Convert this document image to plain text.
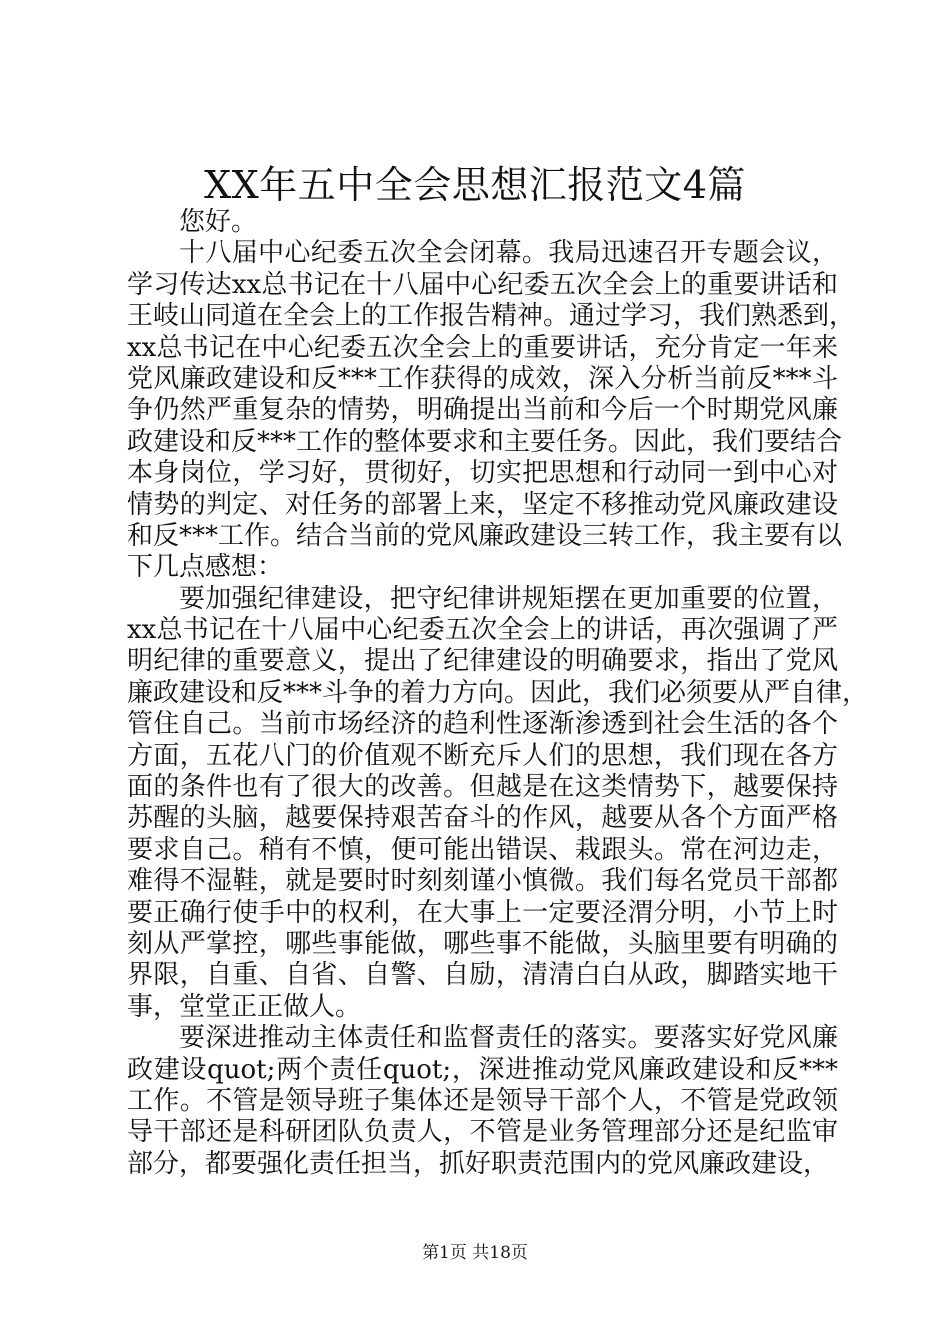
XX年五中全会思想汇报范文4篇
您好。
十八届中心纪委五次全会闭幕。我局迅速召开专题会议，
学习传达xx总书记在十八届中心纪委五次全会上的重要讲话和
王岐山同道在全会上的工作报告精神。通过学习，我们熟悉到，
xx总书记在中心纪委五次全会上的重要讲话，充分肯定一年来
党风廉政建设和反***工作获得的成效，深入分析当前反***斗
争仍然严重复杂的情势，明确提出当前和今后一个时期党风廉
政建设和反***工作的整体要求和主要任务。因此，我们要结合
本身岗位，学习好，贯彻好，切实把思想和行动同一到中心对
情势的判定、对任务的部署上来，坚定不移推动党风廉政建设
和反***工作。结合当前的党风廉政建设三转工作，我主要有以
下几点感想：
要加强纪律建设，把守纪律讲规矩摆在更加重要的位置，
xx总书记在十八届中心纪委五次全会上的讲话，再次强调了严
明纪律的重要意义，提出了纪律建设的明确要求，指出了党风
廉政建设和反***斗争的着力方向。因此，我们必须要从严自律，
管住自己。当前市场经济的趋利性逐渐渗透到社会生活的各个
方面，五花八门的价值观不断充斥人们的思想，我们现在各方
面的条件也有了很大的改善。但越是在这类情势下，越要保持
苏醒的头脑，越要保持艰苦奋斗的作风，越要从各个方面严格
要求自己。稍有不慎，便可能出错误、栽跟头。常在河边走，
难得不湿鞋，就是要时时刻刻谨小慎微。我们每名党员干部都
要正确行使手中的权利，在大事上一定要泾渭分明，小节上时
刻从严掌控，哪些事能做，哪些事不能做，头脑里要有明确的
界限，自重、自省、自警、自励，清清白白从政，脚踏实地干
事，堂堂正正做人。
要深进推动主体责任和监督责任的落实。要落实好党风廉
政建设quot;两个责任quot;，深进推动党风廉政建设和反***
工作。不管是领导班子集体还是领导干部个人，不管是党政领
导干部还是科研团队负责人，不管是业务管理部分还是纪监审
部分，都要强化责任担当，抓好职责范围内的党风廉政建设，
第1页 共18页
